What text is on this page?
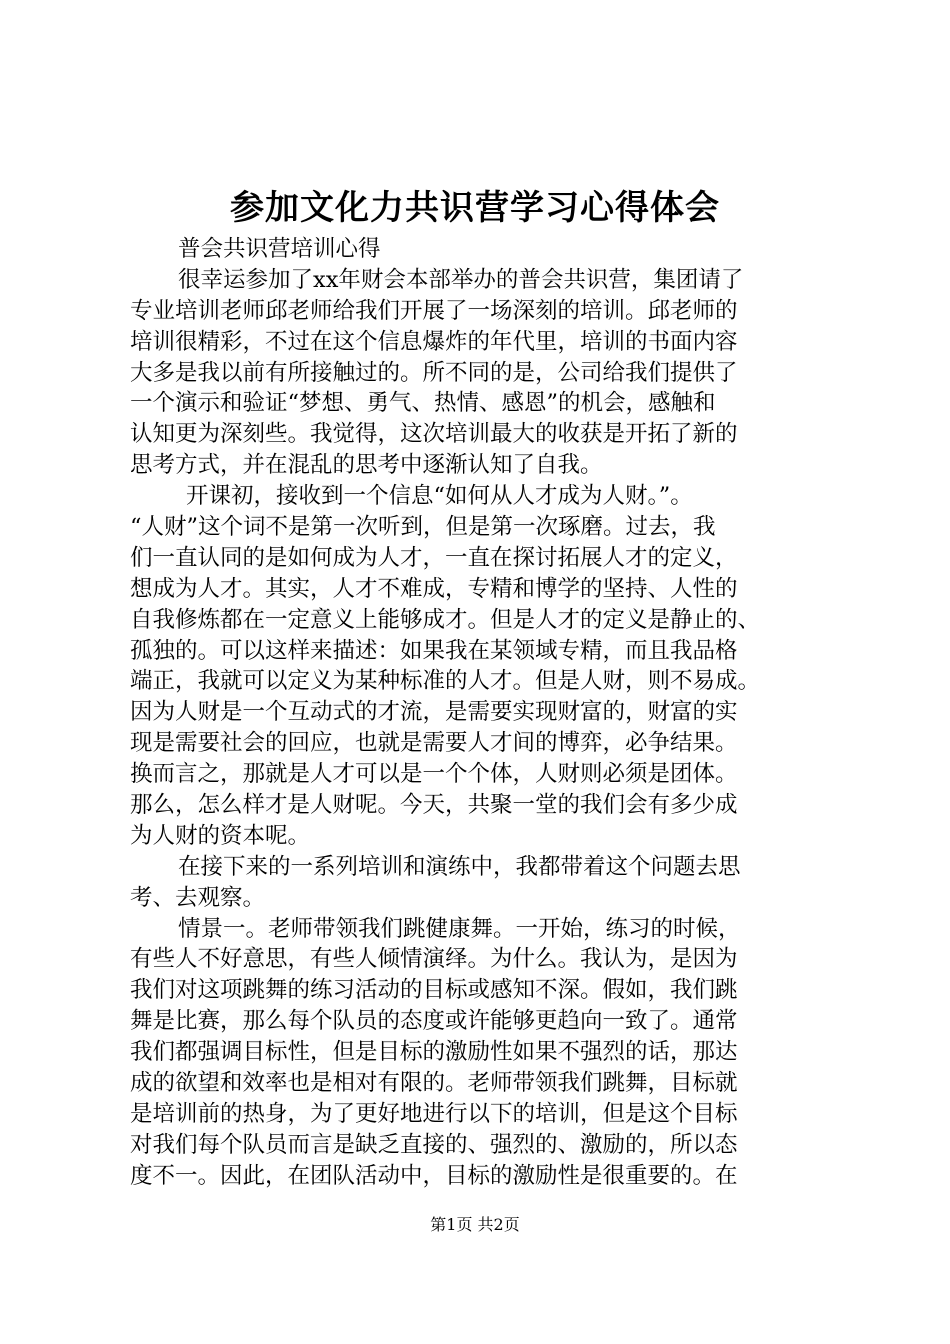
参加文化力共识营学习心得体会
普会共识营培训心得
很幸运参加了xx年财会本部举办的普会共识营，集团请了
专业培训老师邱老师给我们开展了一场深刻的培训。邱老师的
培训很精彩，不过在这个信息爆炸的年代里，培训的书面内容
大多是我以前有所接触过的。所不同的是，公司给我们提供了
一个演示和验证“梦想、勇气、热情、感恩”的机会，感触和
认知更为深刻些。我觉得，这次培训最大的收获是开拓了新的
思考方式，并在混乱的思考中逐渐认知了自我。
开课初，接收到一个信息“如何从人才成为人财。”。
“人财”这个词不是第一次听到，但是第一次琢磨。过去，我
们一直认同的是如何成为人才，一直在探讨拓展人才的定义，
想成为人才。其实，人才不难成，专精和博学的坚持、人性的
自我修炼都在一定意义上能够成才。但是人才的定义是静止的、
孤独的。可以这样来描述：如果我在某领域专精，而且我品格
端正，我就可以定义为某种标准的人才。但是人财，则不易成。
因为人财是一个互动式的才流，是需要实现财富的，财富的实
现是需要社会的回应，也就是需要人才间的博弈，必争结果。
换而言之，那就是人才可以是一个个体，人财则必须是团体。
那么，怎么样才是人财呢。今天，共聚一堂的我们会有多少成
为人财的资本呢。
在接下来的一系列培训和演练中，我都带着这个问题去思
考、去观察。
情景一。老师带领我们跳健康舞。一开始，练习的时候，
有些人不好意思，有些人倾情演绎。为什么。我认为，是因为
我们对这项跳舞的练习活动的目标或感知不深。假如，我们跳
舞是比赛，那么每个队员的态度或许能够更趋向一致了。通常
我们都强调目标性，但是目标的激励性如果不强烈的话，那达
成的欲望和效率也是相对有限的。老师带领我们跳舞，目标就
是培训前的热身，为了更好地进行以下的培训，但是这个目标
对我们每个队员而言是缺乏直接的、强烈的、激励的，所以态
度不一。因此，在团队活动中，目标的激励性是很重要的。在
第1页 共2页
